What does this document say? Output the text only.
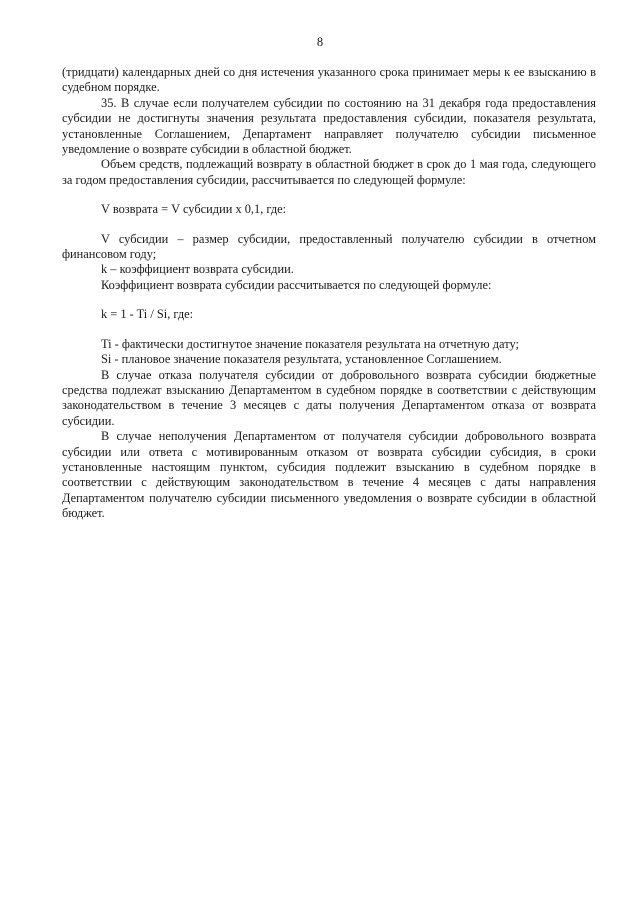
8

(тридцати) календарных дней со дня истечения указанного срока принимает меры к ее взысканию в судебном порядке.

35. В случае если получателем субсидии по состоянию на 31 декабря года предоставления субсидии не достигнуты значения результата предоставления субсидии, показателя результата, установленные Соглашением, Департамент направляет получателю субсидии письменное уведомление о возврате субсидии в областной бюджет.

Объем средств, подлежащий возврату в областной бюджет в срок до 1 мая года, следующего за годом предоставления субсидии, рассчитывается по следующей формуле:

V возврата = V субсидии х 0,1, где:

V субсидии – размер субсидии, предоставленный получателю субсидии в отчетном финансовом году;

k – коэффициент возврата субсидии.

Коэффициент возврата субсидии рассчитывается по следующей формуле:

k = 1 - Ti / Si, где:

Ti - фактически достигнутое значение показателя результата на отчетную дату;

Si - плановое значение показателя результата, установленное Соглашением.

В случае отказа получателя субсидии от добровольного возврата субсидии бюджетные средства подлежат взысканию Департаментом в судебном порядке в соответствии с действующим законодательством в течение 3 месяцев с даты получения Департаментом отказа от возврата субсидии.

В случае неполучения Департаментом от получателя субсидии добровольного возврата субсидии или ответа с мотивированным отказом от возврата субсидии субсидия, в сроки установленные настоящим пунктом, субсидия подлежит взысканию в судебном порядке в соответствии с действующим законодательством в течение 4 месяцев с даты направления Департаментом получателю субсидии письменного уведомления о возврате субсидии в областной бюджет.
